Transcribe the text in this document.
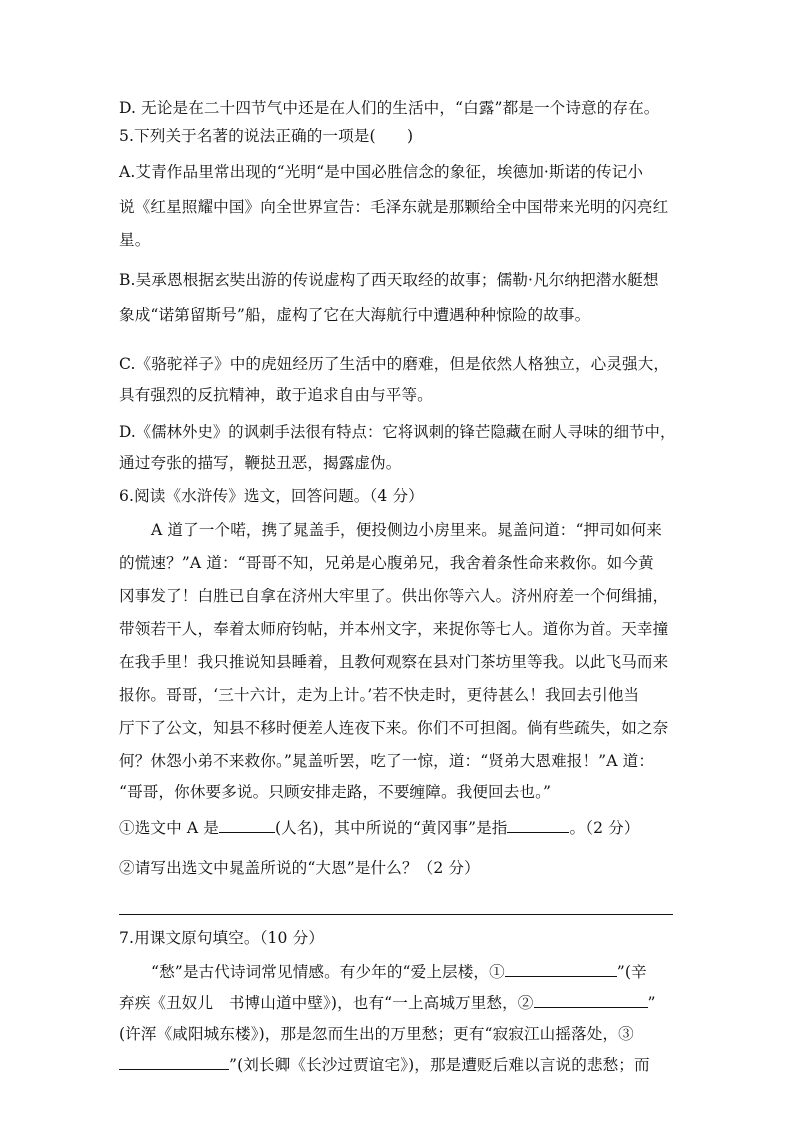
D. 无论是在二十四节气中还是在人们的生活中，“白露”都是一个诗意的存在。
5.下列关于名著的说法正确的一项是(　　)
A.艾青作品里常出现的“光明“是中国必胜信念的象征，埃德加·斯诺的传记小
说《红星照耀中国》向全世界宣告：毛泽东就是那颗给全中国带来光明的闪亮红
星。
B.吴承恩根据玄奘出游的传说虚构了西天取经的故事；儒勒·凡尔纳把潜水艇想
象成“诺第留斯号”船，虚构了它在大海航行中遭遇种种惊险的故事。
C.《骆驼祥子》中的虎妞经历了生活中的磨难，但是依然人格独立，心灵强大，
具有强烈的反抗精神，敢于追求自由与平等。
D.《儒林外史》的讽刺手法很有特点：它将讽刺的锋芒隐藏在耐人寻味的细节中，
通过夸张的描写，鞭挞丑恶，揭露虚伪。
6.阅读《水浒传》选文，回答问题。（4 分）
A 道了一个喏，携了晁盖手，便投侧边小房里来。晁盖问道：“押司如何来
的慌速？”A 道：“哥哥不知，兄弟是心腹弟兄，我舍着条性命来救你。如今黄
冈事发了！白胜已自拿在济州大牢里了。供出你等六人。济州府差一个何缉捕，
带领若干人，奉着太师府钧帖，并本州文字，来捉你等七人。道你为首。天幸撞
在我手里！我只推说知县睡着，且教何观察在县对门茶坊里等我。以此飞马而来
报你。哥哥，‘三十六计，走为上计。’若不快走时，更待甚么！我回去引他当
厅下了公文，知县不移时便差人连夜下来。你们不可担阁。倘有些疏失，如之奈
何？休怨小弟不来救你。”晁盖听罢，吃了一惊，道：“贤弟大恩难报！”A 道：
“哥哥，你休要多说。只顾安排走路，不要缠障。我便回去也。”
①选文中 A 是	(人名)，其中所说的“黄冈事”是指	。（2 分）
②请写出选文中晁盖所说的“大恩”是什么？（2 分）
7.用课文原句填空。（10 分）
“愁”是古代诗词常见情感。有少年的“爱上层楼，①	”(辛
弃疾《丑奴儿　书博山道中壁》)，也有“一上高城万里愁，②	”
(许浑《咸阳城东楼》)，那是忽而生出的万里愁；更有“寂寂江山摇落处，③
”(刘长卿《长沙过贾谊宅》)，那是遭贬后难以言说的悲愁；而
